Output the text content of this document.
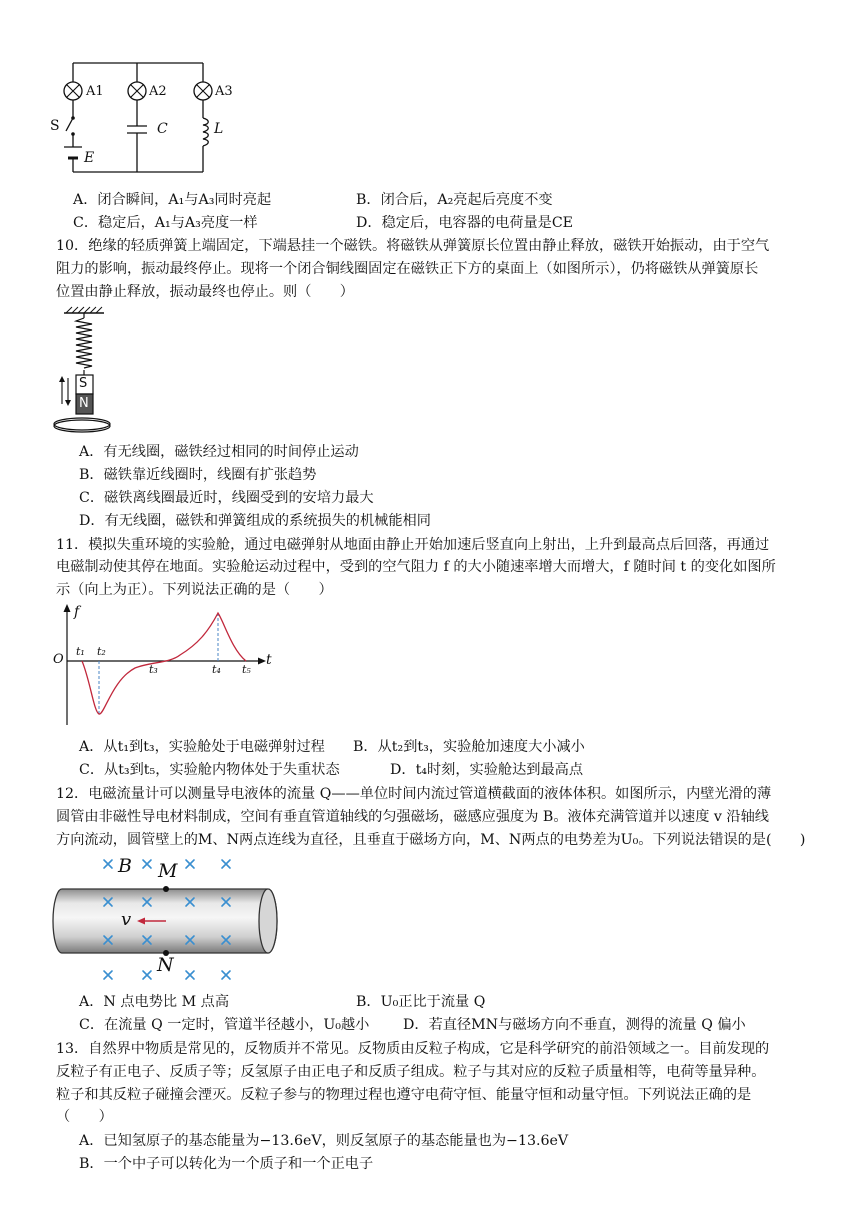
A1	A2	A3
S
E
C	L
A．闭合瞬间，A₁与A₃同时亮起	B．闭合后，A₂亮起后亮度不变
C．稳定后，A₁与A₃亮度一样	D．稳定后，电容器的电荷量是CE
10．绝缘的轻质弹簧上端固定，下端悬挂一个磁铁。将磁铁从弹簧原长位置由静止释放，磁铁开始振动，由于空气
阻力的影响，振动最终停止。现将一个闭合铜线圈固定在磁铁正下方的桌面上（如图所示），仍将磁铁从弹簧原长
位置由静止释放，振动最终也停止。则（　　）
S
N
A．有无线圈，磁铁经过相同的时间停止运动
B．磁铁靠近线圈时，线圈有扩张趋势
C．磁铁离线圈最近时，线圈受到的安培力最大
D．有无线圈，磁铁和弹簧组成的系统损失的机械能相同
11．模拟失重环境的实验舱，通过电磁弹射从地面由静止开始加速后竖直向上射出，上升到最高点后回落，再通过
电磁制动使其停在地面。实验舱运动过程中，受到的空气阻力 f 的大小随速率增大而增大，f 随时间 t 的变化如图所
示（向上为正）。下列说法正确的是（　　）
f
t
O
t₁ t₂
t₃	t₄ t₅
A．从t₁到t₃，实验舱处于电磁弹射过程 B．从t₂到t₃，实验舱加速度大小减小
C．从t₃到t₅，实验舱内物体处于失重状态	D．t₄时刻，实验舱达到最高点
12．电磁流量计可以测量导电液体的流量 Q——单位时间内流过管道横截面的液体体积。如图所示，内壁光滑的薄
圆管由非磁性导电材料制成，空间有垂直管道轴线的匀强磁场，磁感应强度为 B。液体充满管道并以速度 v 沿轴线
方向流动，圆管壁上的M、N两点连线为直径，且垂直于磁场方向，M、N两点的电势差为U₀。下列说法错误的是(　　)
B M
N
v
A．N 点电势比 M 点高	B．U₀正比于流量 Q
C．在流量 Q 一定时，管道半径越小，U₀越小 D．若直径MN与磁场方向不垂直，测得的流量 Q 偏小
13．自然界中物质是常见的，反物质并不常见。反物质由反粒子构成，它是科学研究的前沿领域之一。目前发现的
反粒子有正电子、反质子等；反氢原子由正电子和反质子组成。粒子与其对应的反粒子质量相等，电荷等量异种。
粒子和其反粒子碰撞会湮灭。反粒子参与的物理过程也遵守电荷守恒、能量守恒和动量守恒。下列说法正确的是
（　　）
A．已知氢原子的基态能量为−13.6eV，则反氢原子的基态能量也为−13.6eV
B．一个中子可以转化为一个质子和一个正电子
